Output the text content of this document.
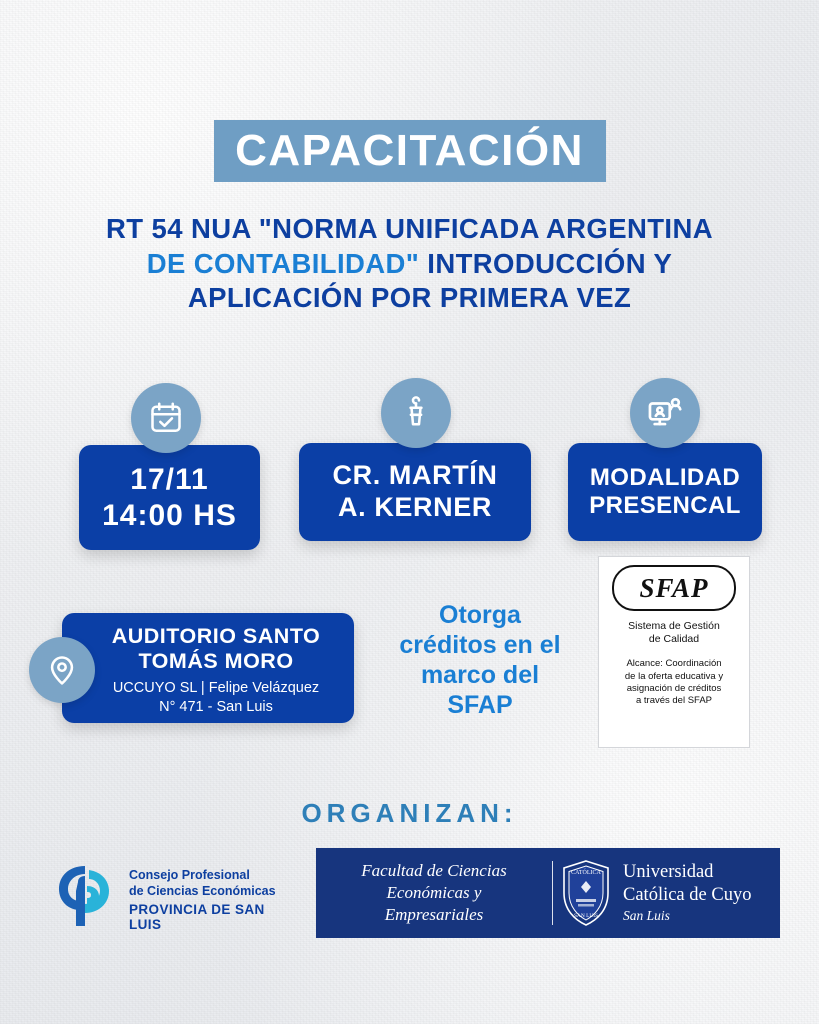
CAPACITACIÓN
RT 54 NUA "NORMA UNIFICADA ARGENTINA
DE CONTABILIDAD" INTRODUCCIÓN Y
APLICACIÓN POR PRIMERA VEZ
17/11
14:00 HS
CR. MARTÍN
A. KERNER
MODALIDAD
PRESENCAL
AUDITORIO SANTO
TOMÁS MORO
UCCUYO SL | Felipe Velázquez
N° 471 - San Luis
Otorga
créditos en el
marco del
SFAP
SFAP
Sistema de Gestión
de Calidad
Alcance: Coordinación
de la oferta educativa y
asignación de créditos
a través del SFAP
ORGANIZAN:
Consejo Profesional
de Ciencias Económicas
PROVINCIA DE SAN LUIS
Facultad de Ciencias
Económicas y
Empresariales
CATÓLICA
SAN LUIS
Universidad
Católica de Cuyo
San Luis
